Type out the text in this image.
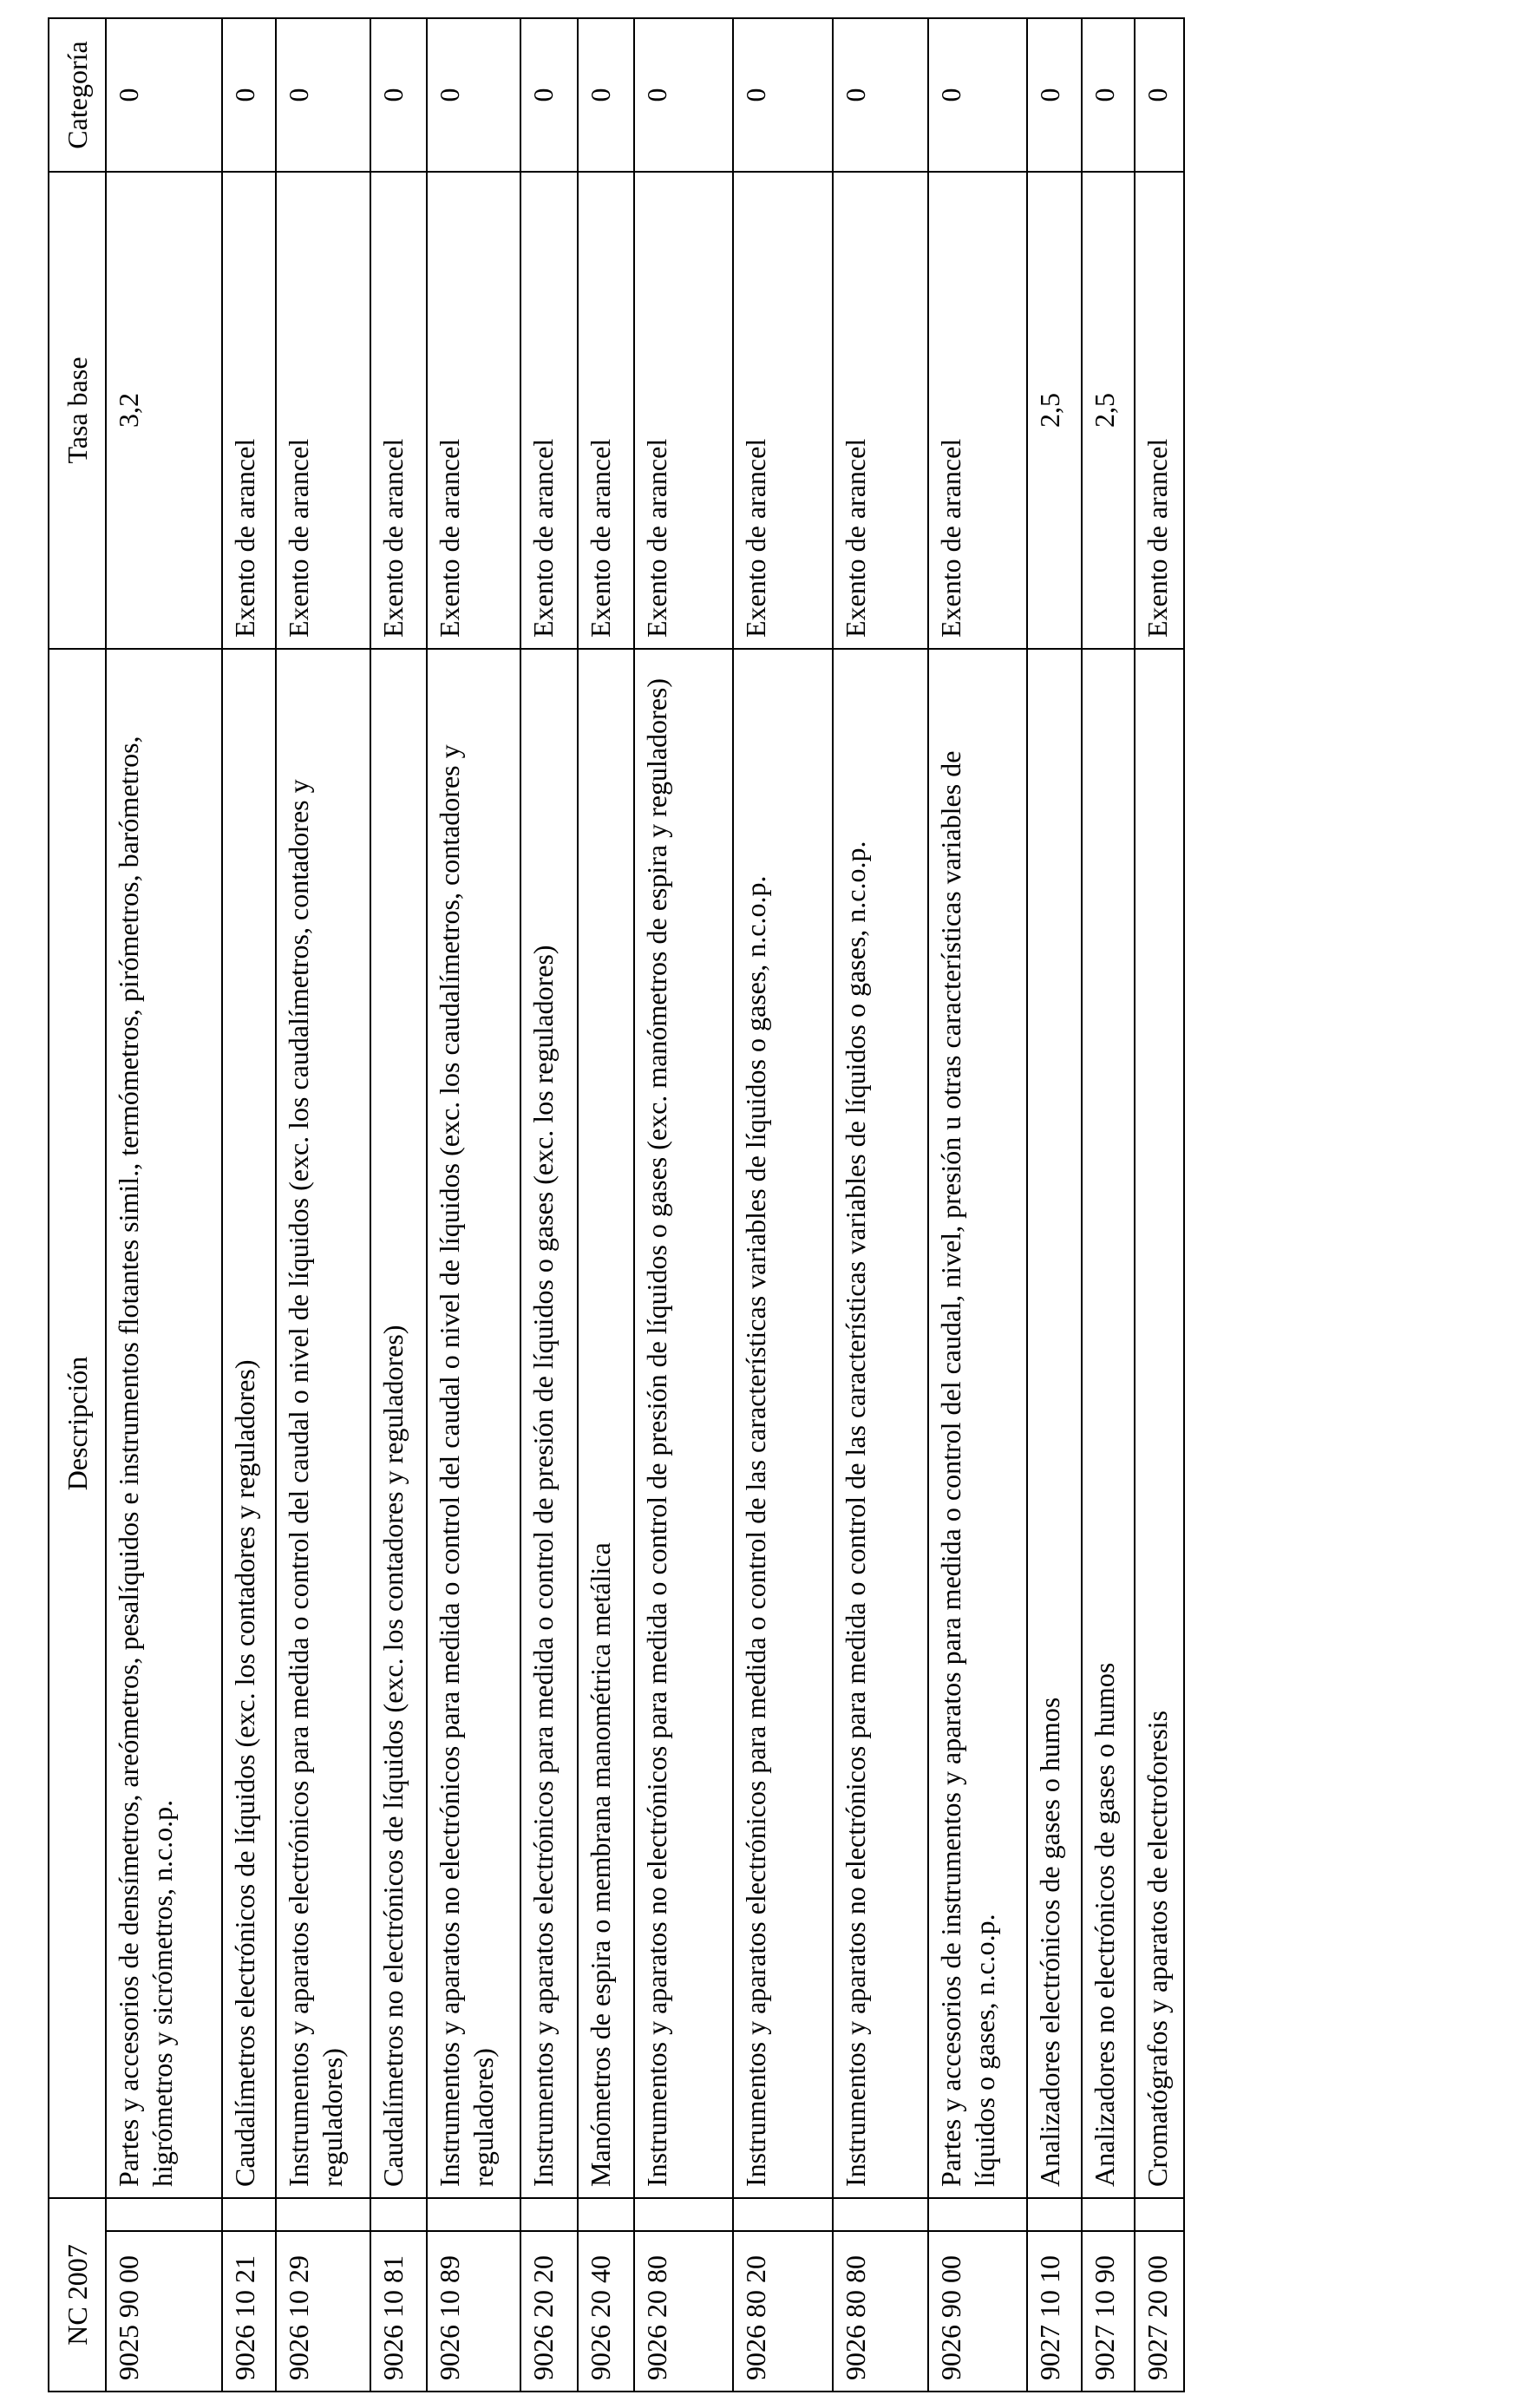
NC 2007		Descripción	Tasa base	Categoría
9025 90 00		Partes y accesorios de densímetros, areómetros, pesalíquidos e instrumentos flotantes simil., termómetros, pirómetros, barómetros, higrómetros y sicrómetros, n.c.o.p.	3,2	0
9026 10 21		Caudalímetros electrónicos de líquidos (exc. los contadores y reguladores)	Exento de arancel	0
9026 10 29		Instrumentos y aparatos electrónicos para medida o control del caudal o nivel de líquidos (exc. los caudalímetros, contadores y reguladores)	Exento de arancel	0
9026 10 81		Caudalímetros no electrónicos de líquidos (exc. los contadores y reguladores)	Exento de arancel	0
9026 10 89		Instrumentos y aparatos no electrónicos para medida o control del caudal o nivel de líquidos (exc. los caudalímetros, contadores y reguladores)	Exento de arancel	0
9026 20 20		Instrumentos y aparatos electrónicos para medida o control de presión de líquidos o gases (exc. los reguladores)	Exento de arancel	0
9026 20 40		Manómetros de espira o membrana manométrica metálica	Exento de arancel	0
9026 20 80		Instrumentos y aparatos no electrónicos para medida o control de presión de líquidos o gases (exc. manómetros de espira y reguladores)	Exento de arancel	0
9026 80 20		Instrumentos y aparatos electrónicos para medida o control de las características variables de líquidos o gases, n.c.o.p.	Exento de arancel	0
9026 80 80		Instrumentos y aparatos no electrónicos para medida o control de las características variables de líquidos o gases, n.c.o.p.	Exento de arancel	0
9026 90 00		Partes y accesorios de instrumentos y aparatos para medida o control del caudal, nivel, presión u otras características variables de líquidos o gases, n.c.o.p.	Exento de arancel	0
9027 10 10		Analizadores electrónicos de gases o humos	2,5	0
9027 10 90		Analizadores no electrónicos de gases o humos	2,5	0
9027 20 00		Cromatógrafos y aparatos de electroforesis	Exento de arancel	0
